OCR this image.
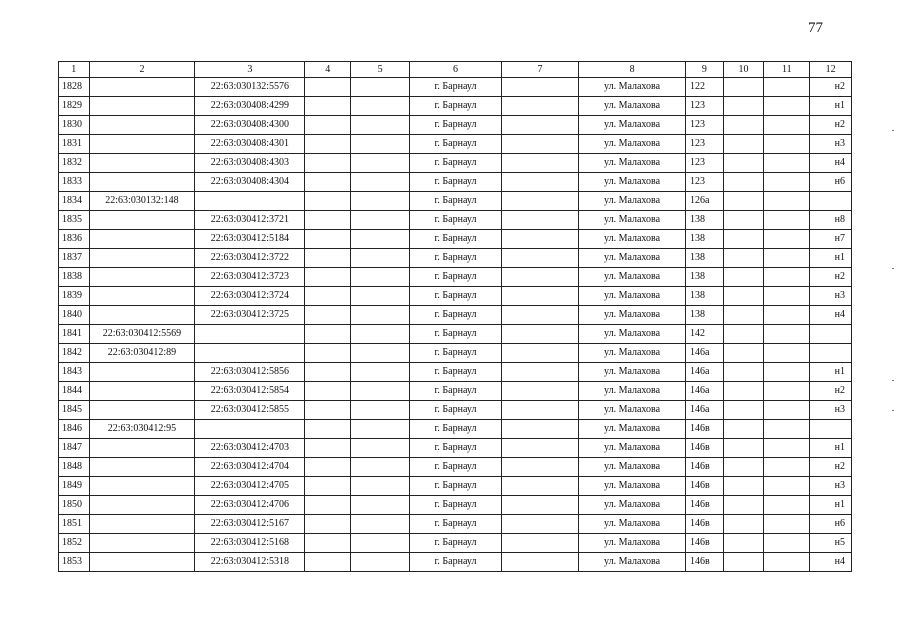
77
1	2	3	4	5	6	7	8	9	10	11	12
1828		22:63:030132:5576			г. Барнаул		ул. Малахова	122			н2
1829		22:63:030408:4299			г. Барнаул		ул. Малахова	123			н1
1830		22:63:030408:4300			г. Барнаул		ул. Малахова	123			н2
1831		22:63:030408:4301			г. Барнаул		ул. Малахова	123			н3
1832		22:63:030408:4303			г. Барнаул		ул. Малахова	123			н4
1833		22:63:030408:4304			г. Барнаул		ул. Малахова	123			н6
1834	22:63:030132:148				г. Барнаул		ул. Малахова	126а			
1835		22:63:030412:3721			г. Барнаул		ул. Малахова	138			н8
1836		22:63:030412:5184			г. Барнаул		ул. Малахова	138			н7
1837		22:63:030412:3722			г. Барнаул		ул. Малахова	138			н1
1838		22:63:030412:3723			г. Барнаул		ул. Малахова	138			н2
1839		22:63:030412:3724			г. Барнаул		ул. Малахова	138			н3
1840		22:63:030412:3725			г. Барнаул		ул. Малахова	138			н4
1841	22:63:030412:5569				г. Барнаул		ул. Малахова	142			
1842	22:63:030412:89				г. Барнаул		ул. Малахова	146а			
1843		22:63:030412:5856			г. Барнаул		ул. Малахова	146а			н1
1844		22:63:030412:5854			г. Барнаул		ул. Малахова	146а			н2
1845		22:63:030412:5855			г. Барнаул		ул. Малахова	146а			н3
1846	22:63:030412:95				г. Барнаул		ул. Малахова	146в			
1847		22:63:030412:4703			г. Барнаул		ул. Малахова	146в			н1
1848		22:63:030412:4704			г. Барнаул		ул. Малахова	146в			н2
1849		22:63:030412:4705			г. Барнаул		ул. Малахова	146в			н3
1850		22:63:030412:4706			г. Барнаул		ул. Малахова	146в			н1
1851		22:63:030412:5167			г. Барнаул		ул. Малахова	146в			н6
1852		22:63:030412:5168			г. Барнаул		ул. Малахова	146в			н5
1853		22:63:030412:5318			г. Барнаул		ул. Малахова	146в			н4
